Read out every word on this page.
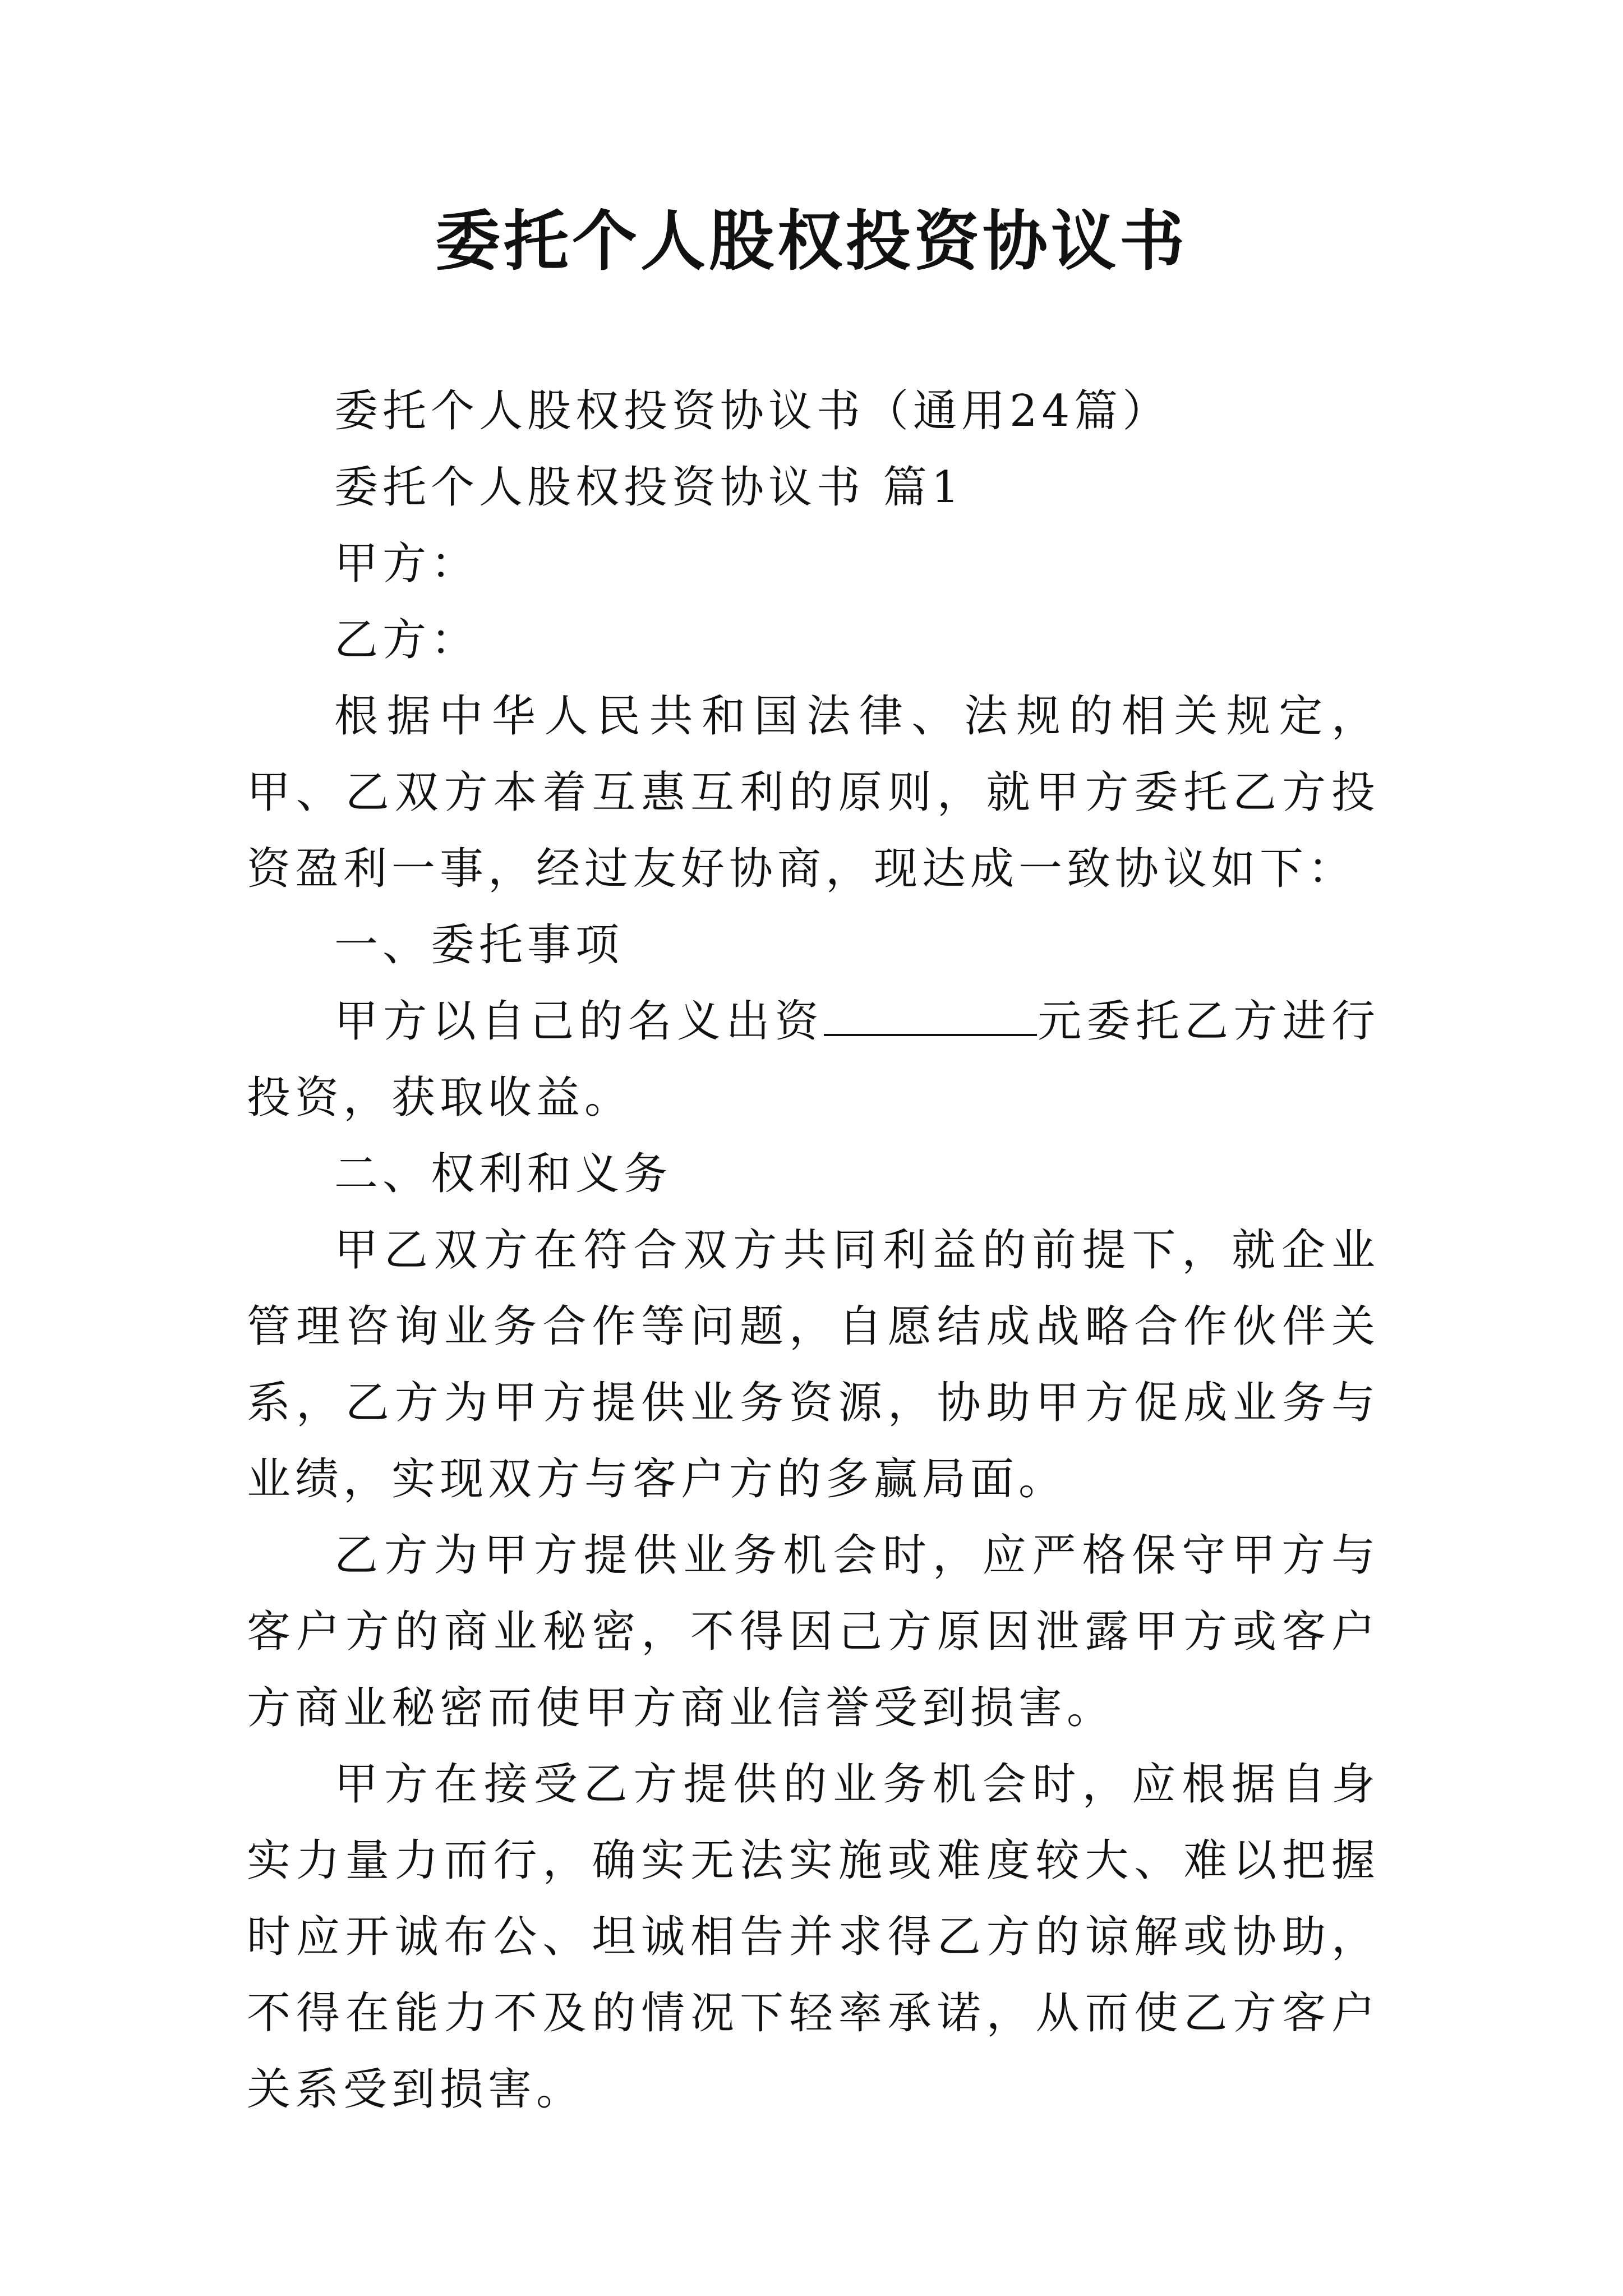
委托个人股权投资协议书

委托个人股权投资协议书（通用24篇）

委托个人股权投资协议书 篇1

甲方：

乙方：

根据中华人民共和国法律、法规的相关规定，甲、乙双方本着互惠互利的原则，就甲方委托乙方投资盈利一事，经过友好协商，现达成一致协议如下：

一、委托事项

甲方以自己的名义出资	元委托乙方进行投资，获取收益。

二、权利和义务

甲乙双方在符合双方共同利益的前提下，就企业管理咨询业务合作等问题，自愿结成战略合作伙伴关系，乙方为甲方提供业务资源，协助甲方促成业务与业绩，实现双方与客户方的多赢局面。

乙方为甲方提供业务机会时，应严格保守甲方与客户方的商业秘密，不得因己方原因泄露甲方或客户方商业秘密而使甲方商业信誉受到损害。

甲方在接受乙方提供的业务机会时，应根据自身实力量力而行，确实无法实施或难度较大、难以把握时应开诚布公、坦诚相告并求得乙方的谅解或协助，不得在能力不及的情况下轻率承诺，从而使乙方客户关系受到损害。
